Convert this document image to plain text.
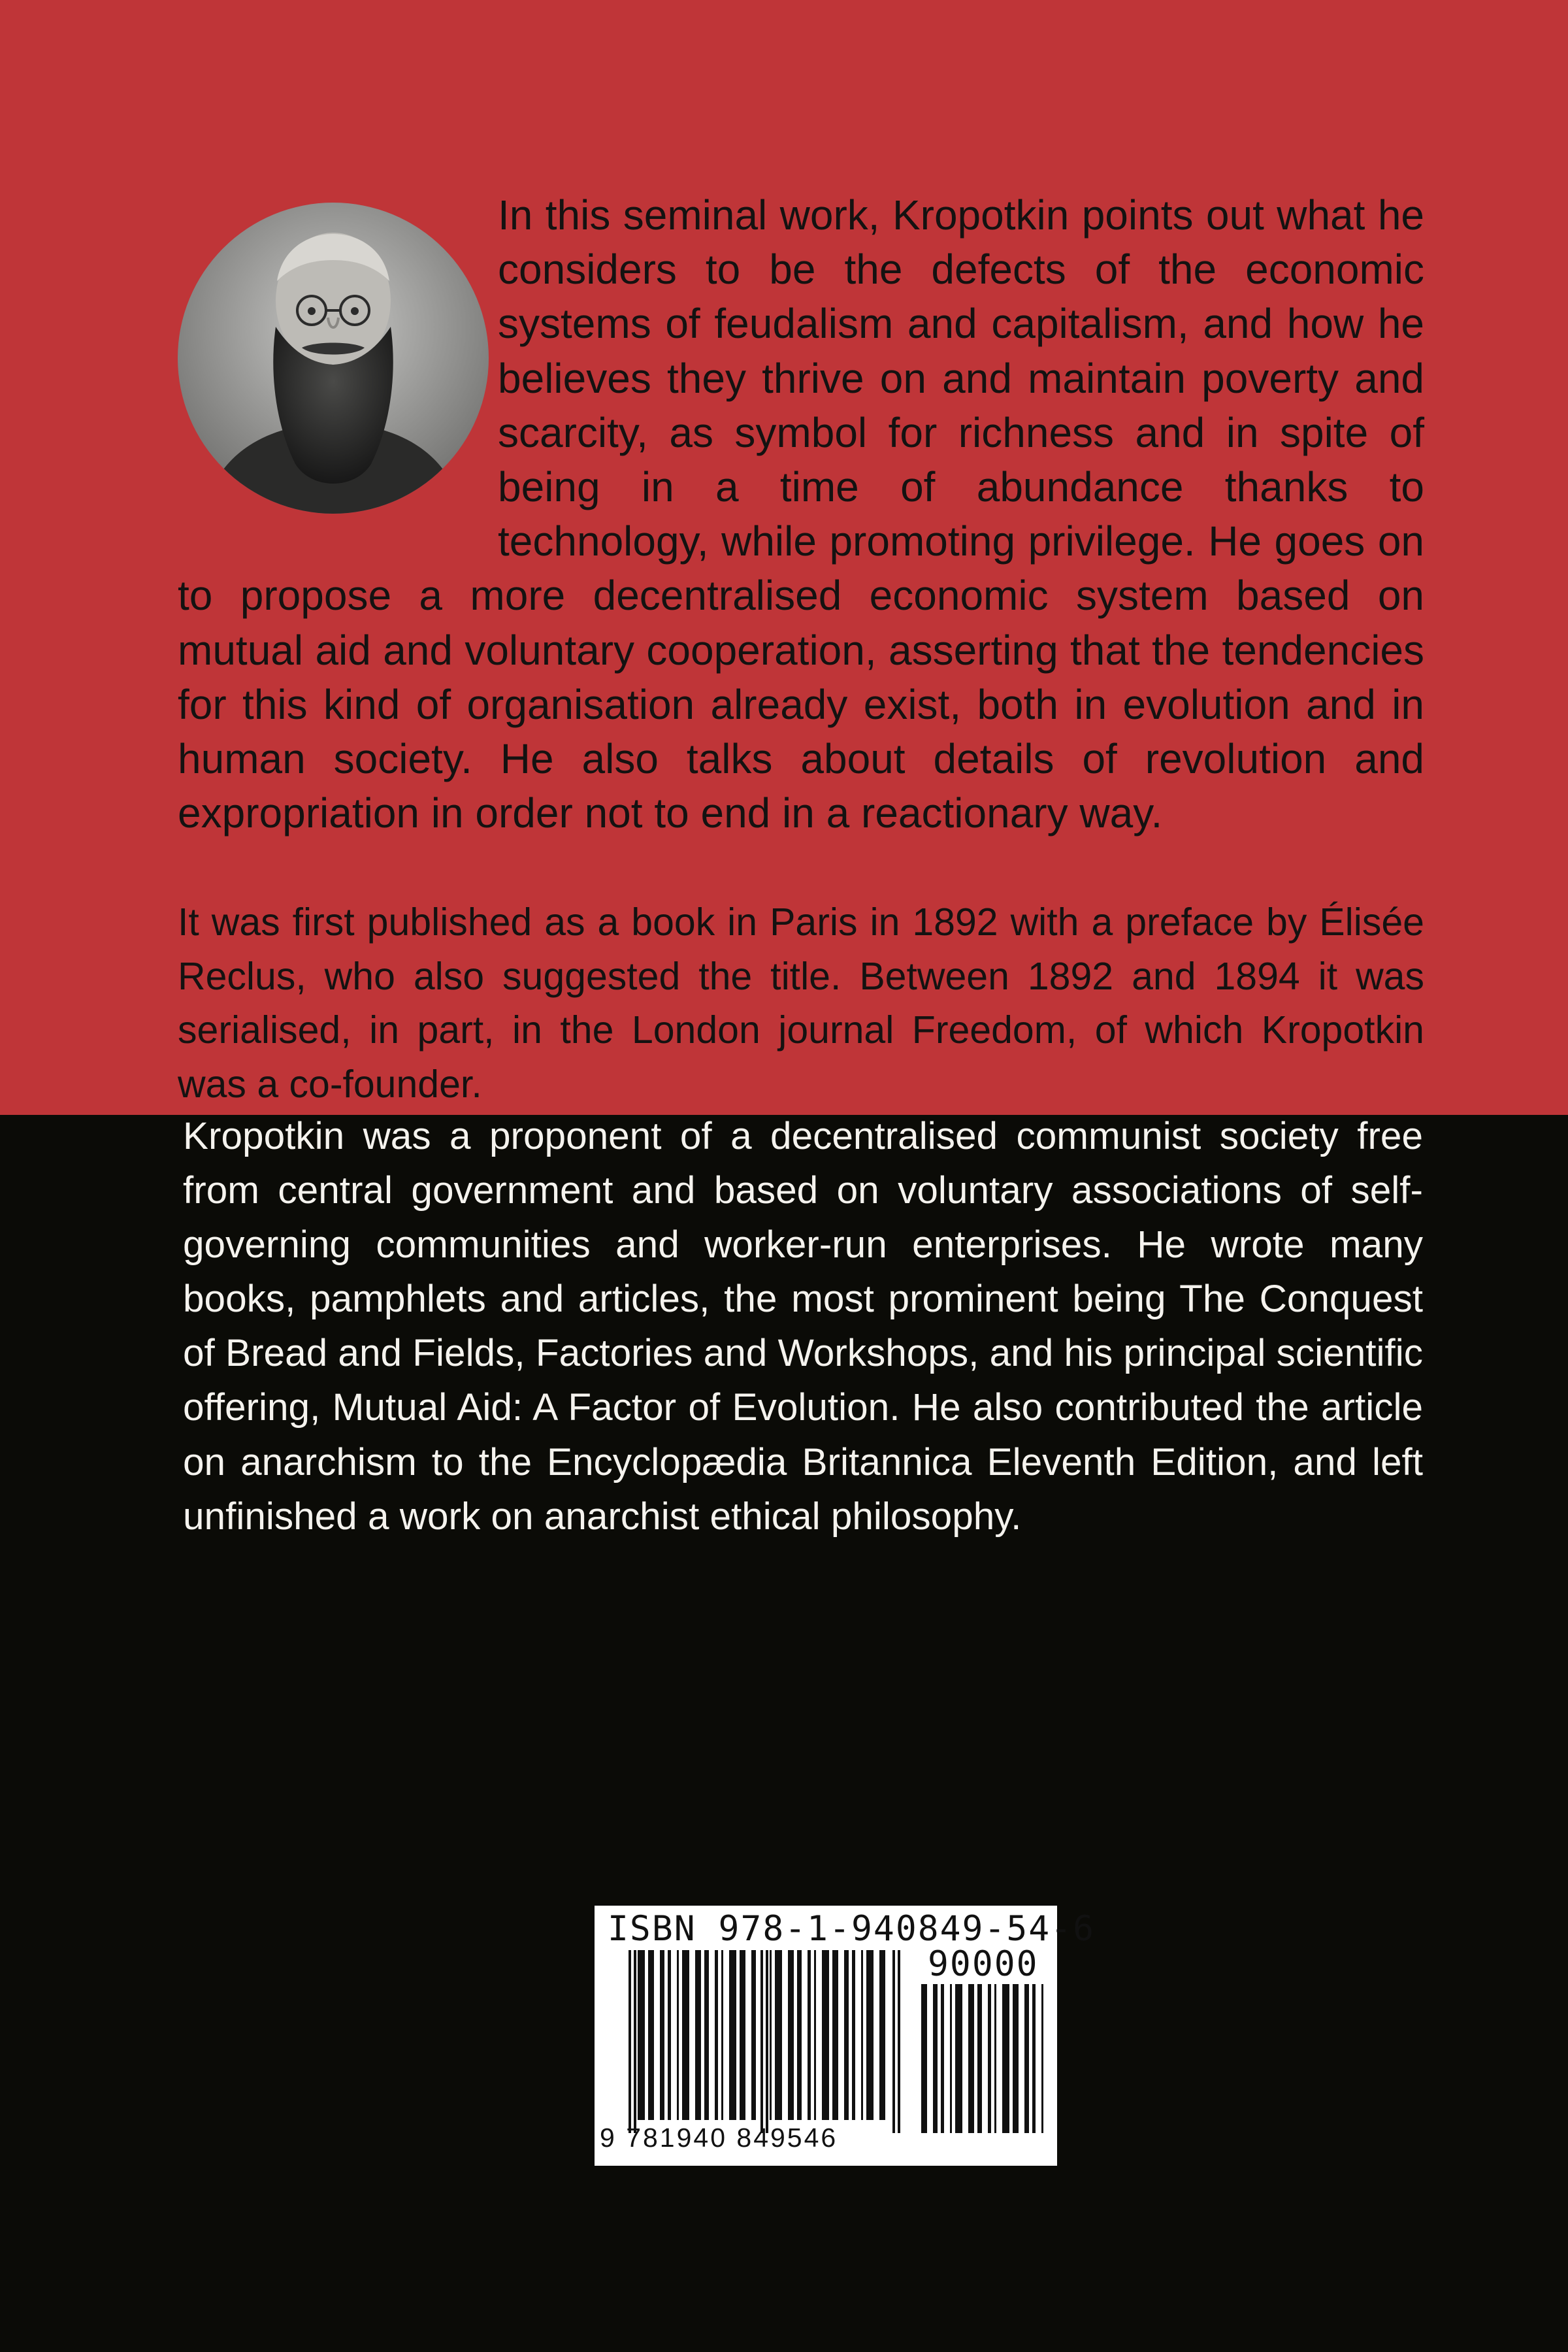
In this seminal work, Kropotkin points out what he considers to be the defects of the economic systems of feudalism and capitalism, and how he believes they thrive on and maintain poverty and scarcity, as symbol for richness and in spite of being in a time of abundance thanks to technology, while promoting privilege. He goes on to propose a more decentralised economic system based on mutual aid and voluntary cooperation, asserting that the tendencies for this kind of organisation already exist, both in evolution and in human society. He also talks about details of revolution and expropriation in order not to end in a reactionary way.

It was first published as a book in Paris in 1892 with a preface by Élisée Reclus, who also suggested the title. Between 1892 and 1894 it was serialised, in part, in the London journal Freedom, of which Kropotkin was a co-founder.

Kropotkin was a proponent of a decentralised communist society free from central government and based on voluntary associations of self-governing communities and worker-run enterprises. He wrote many books, pamphlets and articles, the most prominent being The Conquest of Bread and Fields, Factories and Workshops, and his principal scientific offering, Mutual Aid: A Factor of Evolution. He also contributed the article on anarchism to the Encyclopædia Britannica Eleventh Edition, and left unfinished a work on anarchist ethical philosophy.

ISBN 978-1-940849-54-6

90000

9 781940 849546
